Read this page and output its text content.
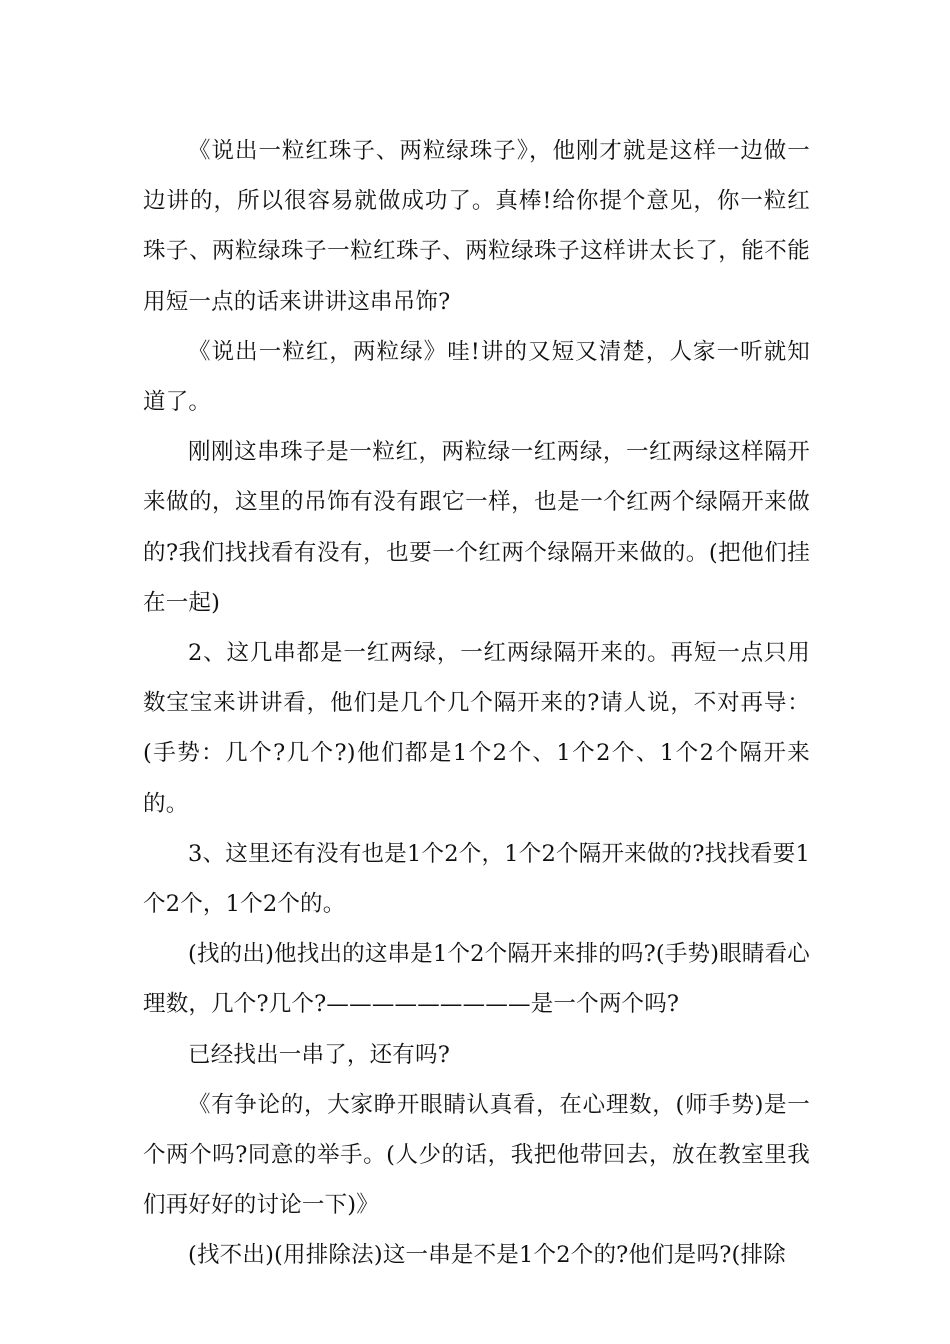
《说出一粒红珠子、两粒绿珠子》，他刚才就是这样一边做一边讲的，所以很容易就做成功了。真棒!给你提个意见，你一粒红珠子、两粒绿珠子一粒红珠子、两粒绿珠子这样讲太长了，能不能用短一点的话来讲讲这串吊饰?

《说出一粒红，两粒绿》哇!讲的又短又清楚，人家一听就知道了。

刚刚这串珠子是一粒红，两粒绿一红两绿，一红两绿这样隔开来做的，这里的吊饰有没有跟它一样，也是一个红两个绿隔开来做的?我们找找看有没有，也要一个红两个绿隔开来做的。(把他们挂在一起)

2、这几串都是一红两绿，一红两绿隔开来的。再短一点只用数宝宝来讲讲看，他们是几个几个隔开来的?请人说，不对再导：(手势：几个?几个?)他们都是1个2个、1个2个、1个2个隔开来的。

3、这里还有没有也是1个2个，1个2个隔开来做的?找找看要1个2个，1个2个的。

(找的出)他找出的这串是1个2个隔开来排的吗?(手势)眼睛看心理数，几个?几个?—————————是一个两个吗?

已经找出一串了，还有吗?

《有争论的，大家睁开眼睛认真看，在心理数，(师手势)是一个两个吗?同意的举手。(人少的话，我把他带回去，放在教室里我们再好好的讨论一下)》

(找不出)(用排除法)这一串是不是1个2个的?他们是吗?(排除
